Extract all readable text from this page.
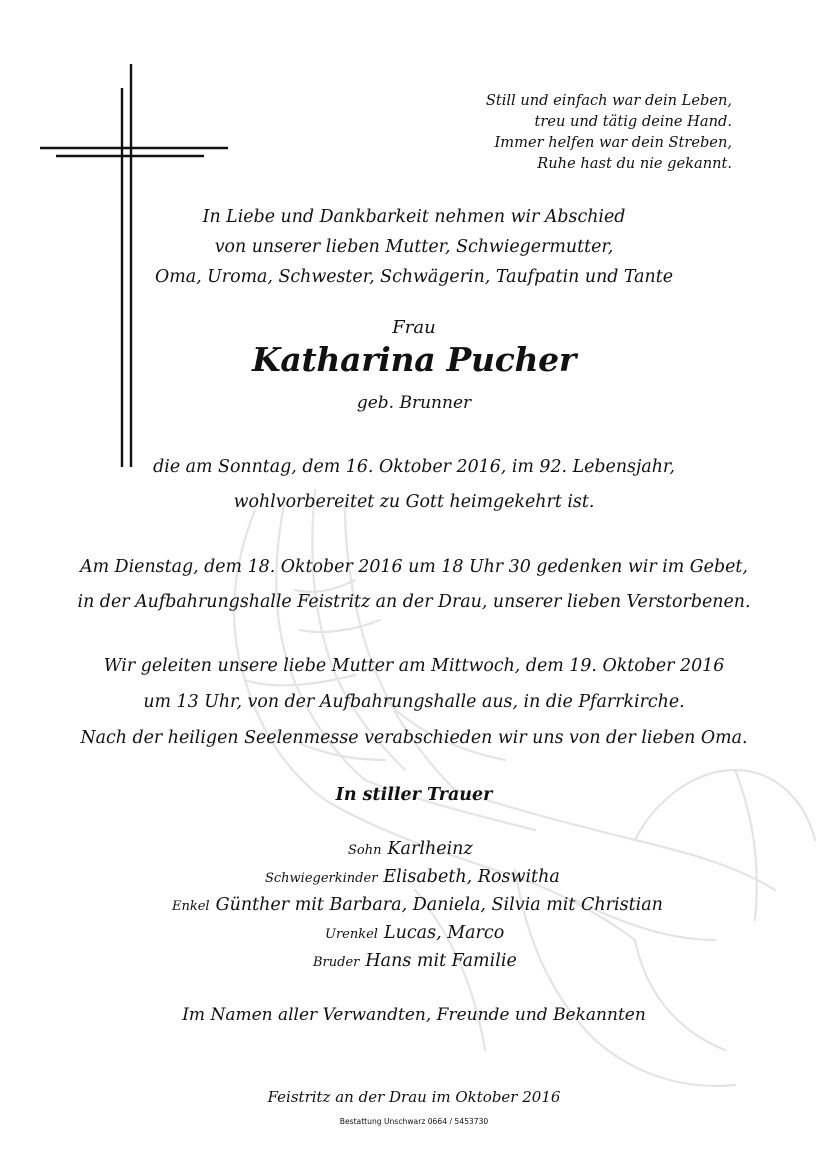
Still und einfach war dein Leben,
treu und tätig deine Hand.
Immer helfen war dein Streben,
Ruhe hast du nie gekannt.
In Liebe und Dankbarkeit nehmen wir Abschied
von unserer lieben Mutter, Schwiegermutter,
Oma, Uroma, Schwester, Schwägerin, Taufpatin und Tante
Frau
Katharina Pucher
geb. Brunner
die am Sonntag, dem 16. Oktober 2016, im 92. Lebensjahr,
wohlvorbereitet zu Gott heimgekehrt ist.
Am Dienstag, dem 18. Oktober 2016 um 18 Uhr 30 gedenken wir im Gebet,
in der Aufbahrungshalle Feistritz an der Drau, unserer lieben Verstorbenen.
Wir geleiten unsere liebe Mutter am Mittwoch, dem 19. Oktober 2016
um 13 Uhr, von der Aufbahrungshalle aus, in die Pfarrkirche.
Nach der heiligen Seelenmesse verabschieden wir uns von der lieben Oma.
In stiller Trauer
Sohn Karlheinz
Schwiegerkinder Elisabeth, Roswitha
Enkel Günther mit Barbara, Daniela, Silvia mit Christian
Urenkel Lucas, Marco
Bruder Hans mit Familie
Im Namen aller Verwandten, Freunde und Bekannten
Feistritz an der Drau im Oktober 2016
Bestattung Unschwarz 0664 / 5453730
